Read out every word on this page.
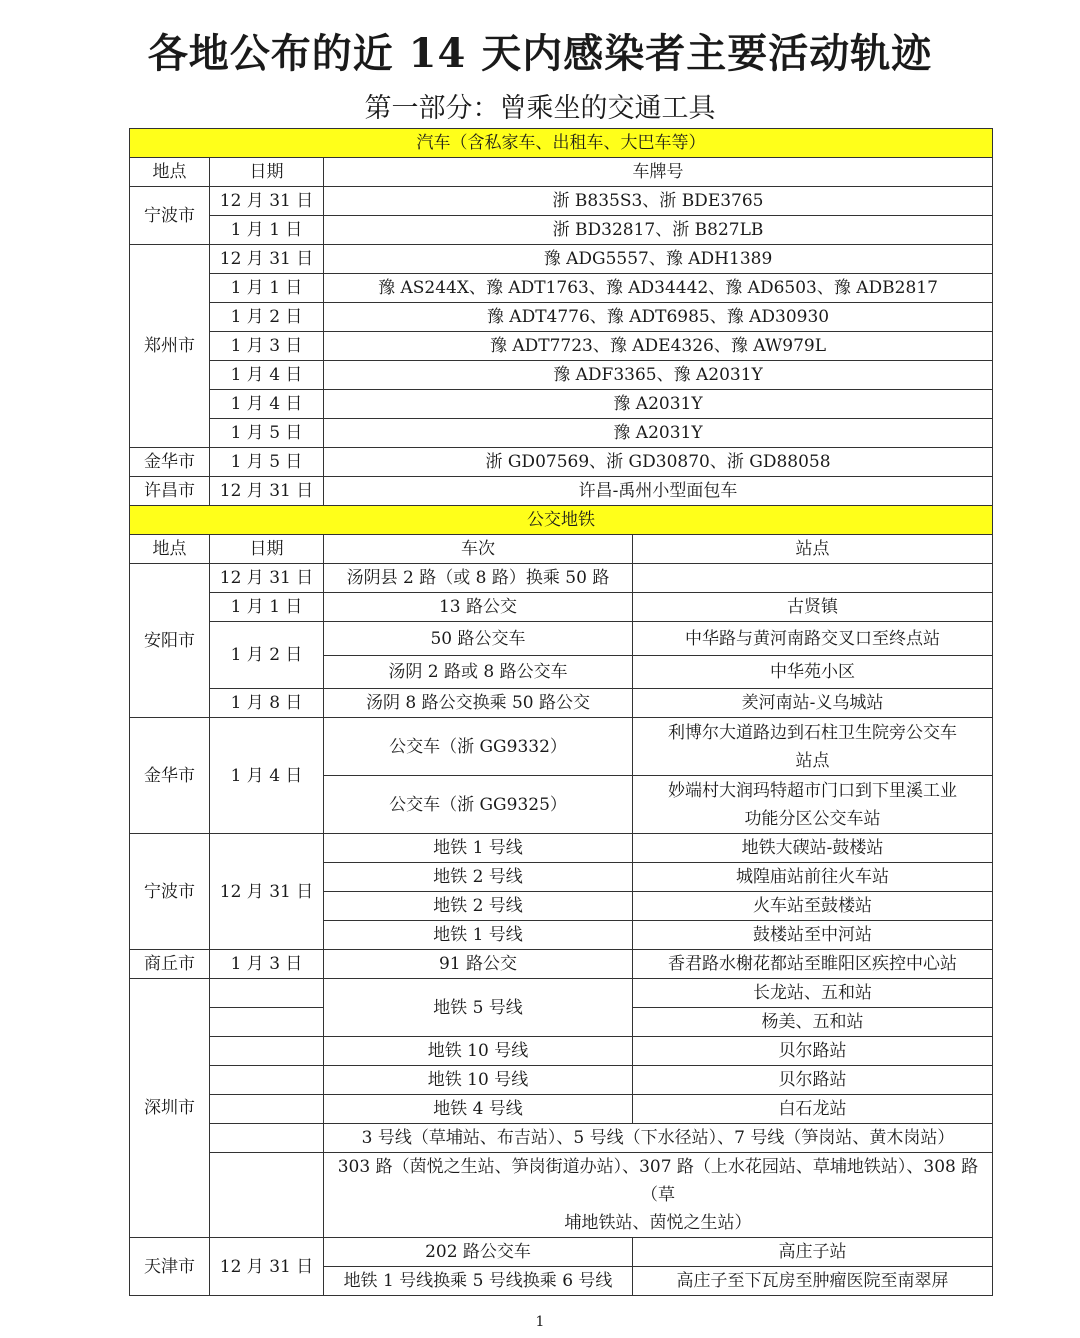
各地公布的近 14 天内感染者主要活动轨迹
第一部分：曾乘坐的交通工具
汽车（含私家车、出租车、大巴车等）			
地点	日期	车牌号	
宁波市	12 月 31 日	浙 B835S3、浙 BDE3765	
	1 月 1 日	浙 BD32817、浙 B827LB	
郑州市	12 月 31 日	豫 ADG5557、豫 ADH1389	
	1 月 1 日	豫 AS244X、豫 ADT1763、豫 AD34442、豫 AD6503、豫 ADB2817	
	1 月 2 日	豫 ADT4776、豫 ADT6985、豫 AD30930	
	1 月 3 日	豫 ADT7723、豫 ADE4326、豫 AW979L	
	1 月 4 日	豫 ADF3365、豫 A2031Y	
	1 月 4 日	豫 A2031Y	
	1 月 5 日	豫 A2031Y	
金华市	1 月 5 日	浙 GD07569、浙 GD30870、浙 GD88058	
许昌市	12 月 31 日	许昌-禹州小型面包车	
公交地铁			
地点	日期	车次	站点
安阳市	12 月 31 日	汤阴县 2 路（或 8 路）换乘 50 路	
	1 月 1 日	13 路公交	古贤镇
	1 月 2 日	50 路公交车	中华路与黄河南路交叉口至终点站
		汤阴 2 路或 8 路公交车	中华苑小区
	1 月 8 日	汤阴 8 路公交换乘 50 路公交	羑河南站-义乌城站
金华市	1 月 4 日	公交车（浙 GG9332）	利博尔大道路边到石柱卫生院旁公交车
站点

		公交车（浙 GG9325）	妙端村大润玛特超市门口到下里溪工业
功能分区公交车站

宁波市	12 月 31 日	地铁 1 号线	地铁大碶站-鼓楼站
		地铁 2 号线	城隍庙站前往火车站
		地铁 2 号线	火车站至鼓楼站
		地铁 1 号线	鼓楼站至中河站
商丘市	1 月 3 日	91 路公交	香君路水榭花都站至睢阳区疾控中心站
深圳市		地铁 5 号线	长龙站、五和站
			杨美、五和站
		地铁 10 号线	贝尔路站
		地铁 10 号线	贝尔路站
		地铁 4 号线	白石龙站
		3 号线（草埔站、布吉站）、5 号线（下水径站）、7 号线（笋岗站、黄木岗站）	

		303 路（茵悦之生站、笋岗街道办站）、307 路（上水花园站、草埔地铁站）、308 路（草
埔地铁站、茵悦之生站）	

天津市	12 月 31 日	202 路公交车	高庄子站
		地铁 1 号线换乘 5 号线换乘 6 号线	高庄子至下瓦房至肿瘤医院至南翠屏
1
